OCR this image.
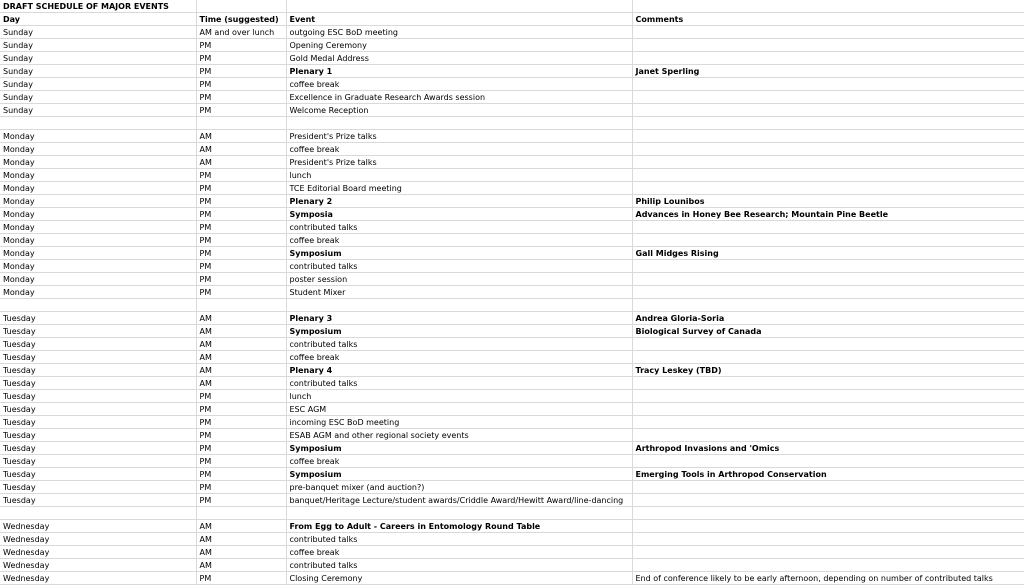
DRAFT SCHEDULE OF MAJOR EVENTS			
Day	Time (suggested)	Event	Comments
Sunday	AM and over lunch	outgoing ESC BoD meeting	
Sunday	PM	Opening Ceremony	
Sunday	PM	Gold Medal Address	
Sunday	PM	Plenary 1	Janet Sperling
Sunday	PM	coffee break	
Sunday	PM	Excellence in Graduate Research Awards session	
Sunday	PM	Welcome Reception	

Monday	AM	President's Prize talks	
Monday	AM	coffee break	
Monday	AM	President's Prize talks	
Monday	PM	lunch	
Monday	PM	TCE Editorial Board meeting	
Monday	PM	Plenary 2	Philip Lounibos
Monday	PM	Symposia	Advances in Honey Bee Research; Mountain Pine Beetle
Monday	PM	contributed talks	
Monday	PM	coffee break	
Monday	PM	Symposium	Gall Midges Rising
Monday	PM	contributed talks	
Monday	PM	poster session	
Monday	PM	Student Mixer	

Tuesday	AM	Plenary 3	Andrea Gloria-Soria
Tuesday	AM	Symposium	Biological Survey of Canada
Tuesday	AM	contributed talks	
Tuesday	AM	coffee break	
Tuesday	AM	Plenary 4	Tracy Leskey (TBD)
Tuesday	AM	contributed talks	
Tuesday	PM	lunch	
Tuesday	PM	ESC AGM	
Tuesday	PM	incoming ESC BoD meeting	
Tuesday	PM	ESAB AGM and other regional society events	
Tuesday	PM	Symposium	Arthropod Invasions and 'Omics
Tuesday	PM	coffee break	
Tuesday	PM	Symposium	Emerging Tools in Arthropod Conservation
Tuesday	PM	pre-banquet mixer (and auction?)	
Tuesday	PM	banquet/Heritage Lecture/student awards/Criddle Award/Hewitt Award/line-dancing	

Wednesday	AM	From Egg to Adult - Careers in Entomology Round Table	
Wednesday	AM	contributed talks	
Wednesday	AM	coffee break	
Wednesday	AM	contributed talks	
Wednesday	PM	Closing Ceremony	End of conference likely to be early afternoon, depending on number of contributed talks
